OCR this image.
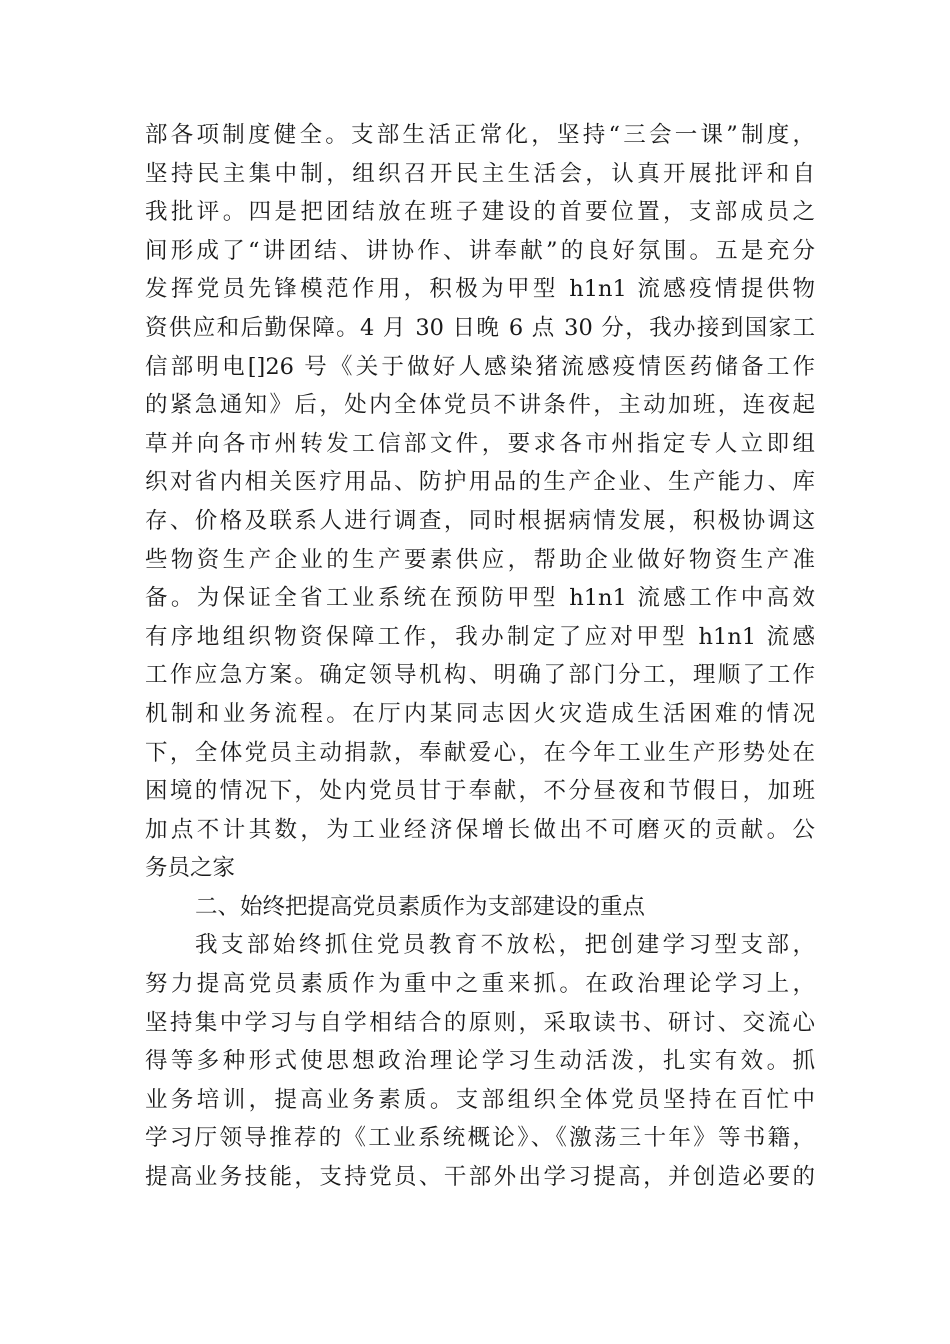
部各项制度健全。支部生活正常化，坚持“三会一课”制度，
坚持民主集中制，组织召开民主生活会，认真开展批评和自
我批评。四是把团结放在班子建设的首要位置，支部成员之
间形成了“讲团结、讲协作、讲奉献”的良好氛围。五是充分
发挥党员先锋模范作用，积极为甲型 h1n1 流感疫情提供物
资供应和后勤保障。4 月 30 日晚 6 点 30 分，我办接到国家工
信部明电[]26 号《关于做好人感染猪流感疫情医药储备工作
的紧急通知》后，处内全体党员不讲条件，主动加班，连夜起
草并向各市州转发工信部文件，要求各市州指定专人立即组
织对省内相关医疗用品、防护用品的生产企业、生产能力、库
存、价格及联系人进行调查，同时根据病情发展，积极协调这
些物资生产企业的生产要素供应，帮助企业做好物资生产准
备。为保证全省工业系统在预防甲型 h1n1 流感工作中高效
有序地组织物资保障工作，我办制定了应对甲型 h1n1 流感
工作应急方案。确定领导机构、明确了部门分工，理顺了工作
机制和业务流程。在厅内某同志因火灾造成生活困难的情况
下，全体党员主动捐款，奉献爱心，在今年工业生产形势处在
困境的情况下，处内党员甘于奉献，不分昼夜和节假日，加班
加点不计其数，为工业经济保增长做出不可磨灭的贡献。公
务员之家
二、始终把提高党员素质作为支部建设的重点
我支部始终抓住党员教育不放松，把创建学习型支部，
努力提高党员素质作为重中之重来抓。在政治理论学习上，
坚持集中学习与自学相结合的原则，采取读书、研讨、交流心
得等多种形式使思想政治理论学习生动活泼，扎实有效。抓
业务培训，提高业务素质。支部组织全体党员坚持在百忙中
学习厅领导推荐的《工业系统概论》、《激荡三十年》等书籍，
提高业务技能，支持党员、干部外出学习提高，并创造必要的
